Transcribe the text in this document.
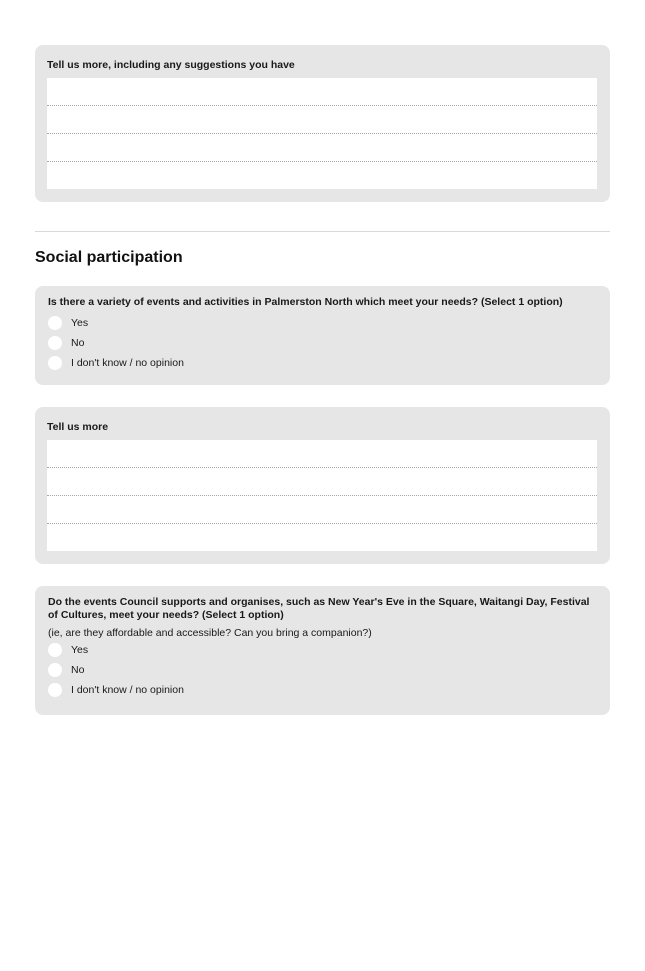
Tell us more, including any suggestions you have
Social participation
Is there a variety of events and activities in Palmerston North which meet your needs? (Select 1 option)
Yes
No
I don't know / no opinion
Tell us more
Do the events Council supports and organises, such as New Year's Eve in the Square, Waitangi Day, Festival of Cultures, meet your needs? (Select 1 option)
(ie, are they affordable and accessible? Can you bring a companion?)
Yes
No
I don't know / no opinion
